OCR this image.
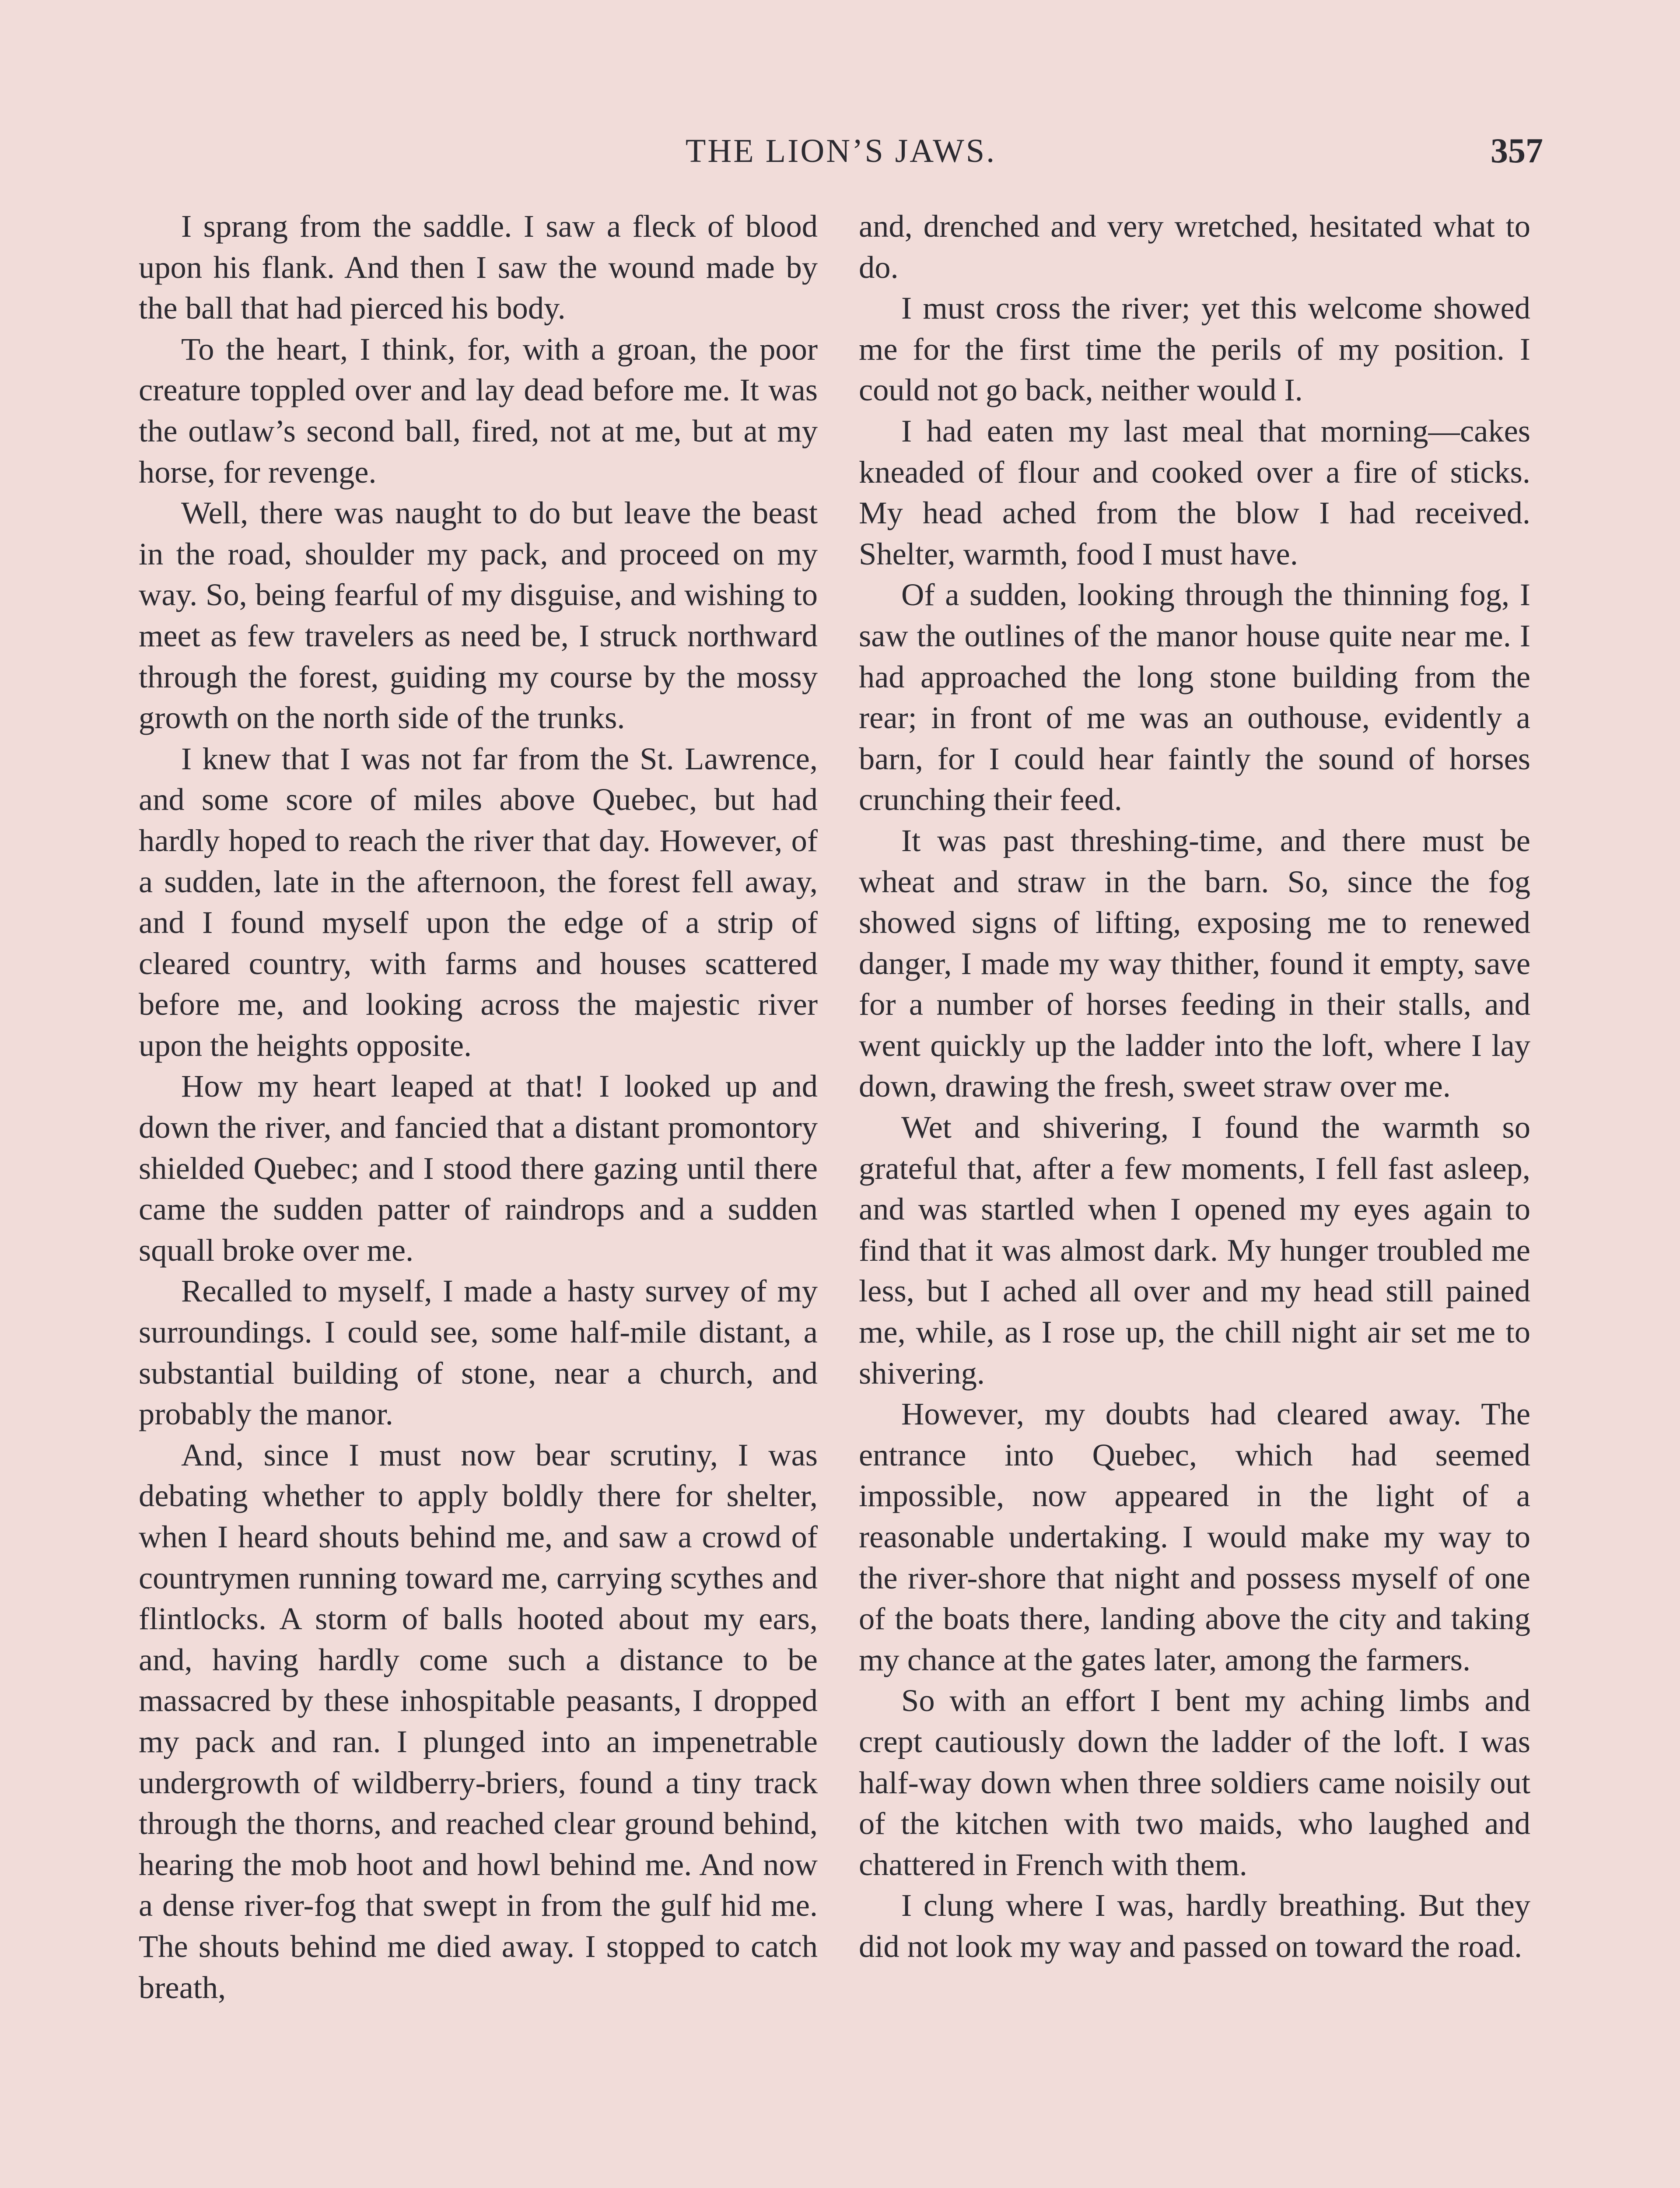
THE LION’S JAWS.	357

I sprang from the saddle. I saw a fleck of blood upon his flank. And then I saw the wound made by the ball that had pierced his body.

To the heart, I think, for, with a groan, the poor creature toppled over and lay dead before me. It was the outlaw’s second ball, fired, not at me, but at my horse, for revenge.

Well, there was naught to do but leave the beast in the road, shoulder my pack, and proceed on my way. So, being fearful of my disguise, and wishing to meet as few travelers as need be, I struck northward through the forest, guiding my course by the mossy growth on the north side of the trunks.

I knew that I was not far from the St. Lawrence, and some score of miles above Quebec, but had hardly hoped to reach the river that day. However, of a sudden, late in the afternoon, the forest fell away, and I found myself upon the edge of a strip of cleared country, with farms and houses scattered before me, and looking across the majestic river upon the heights opposite.

How my heart leaped at that! I looked up and down the river, and fancied that a distant promontory shielded Quebec; and I stood there gazing until there came the sudden patter of raindrops and a sudden squall broke over me.

Recalled to myself, I made a hasty survey of my surroundings. I could see, some half-mile distant, a substantial building of stone, near a church, and probably the manor.

And, since I must now bear scrutiny, I was debating whether to apply boldly there for shelter, when I heard shouts behind me, and saw a crowd of countrymen running toward me, carrying scythes and flintlocks. A storm of balls hooted about my ears, and, having hardly come such a distance to be massacred by these inhospitable peasants, I dropped my pack and ran. I plunged into an impenetrable undergrowth of wildberry-briers, found a tiny track through the thorns, and reached clear ground behind, hearing the mob hoot and howl behind me. And now a dense river-fog that swept in from the gulf hid me. The shouts behind me died away. I stopped to catch breath,

and, drenched and very wretched, hesitated what to do.

I must cross the river; yet this welcome showed me for the first time the perils of my position. I could not go back, neither would I.

I had eaten my last meal that morning—cakes kneaded of flour and cooked over a fire of sticks. My head ached from the blow I had received. Shelter, warmth, food I must have.

Of a sudden, looking through the thinning fog, I saw the outlines of the manor house quite near me. I had approached the long stone building from the rear; in front of me was an outhouse, evidently a barn, for I could hear faintly the sound of horses crunching their feed.

It was past threshing-time, and there must be wheat and straw in the barn. So, since the fog showed signs of lifting, exposing me to renewed danger, I made my way thither, found it empty, save for a number of horses feeding in their stalls, and went quickly up the ladder into the loft, where I lay down, drawing the fresh, sweet straw over me.

Wet and shivering, I found the warmth so grateful that, after a few moments, I fell fast asleep, and was startled when I opened my eyes again to find that it was almost dark. My hunger troubled me less, but I ached all over and my head still pained me, while, as I rose up, the chill night air set me to shivering.

However, my doubts had cleared away. The entrance into Quebec, which had seemed impossible, now appeared in the light of a reasonable undertaking. I would make my way to the river-shore that night and possess myself of one of the boats there, landing above the city and taking my chance at the gates later, among the farmers.

So with an effort I bent my aching limbs and crept cautiously down the ladder of the loft. I was half-way down when three soldiers came noisily out of the kitchen with two maids, who laughed and chattered in French with them.

I clung where I was, hardly breathing. But they did not look my way and passed on toward the road.
